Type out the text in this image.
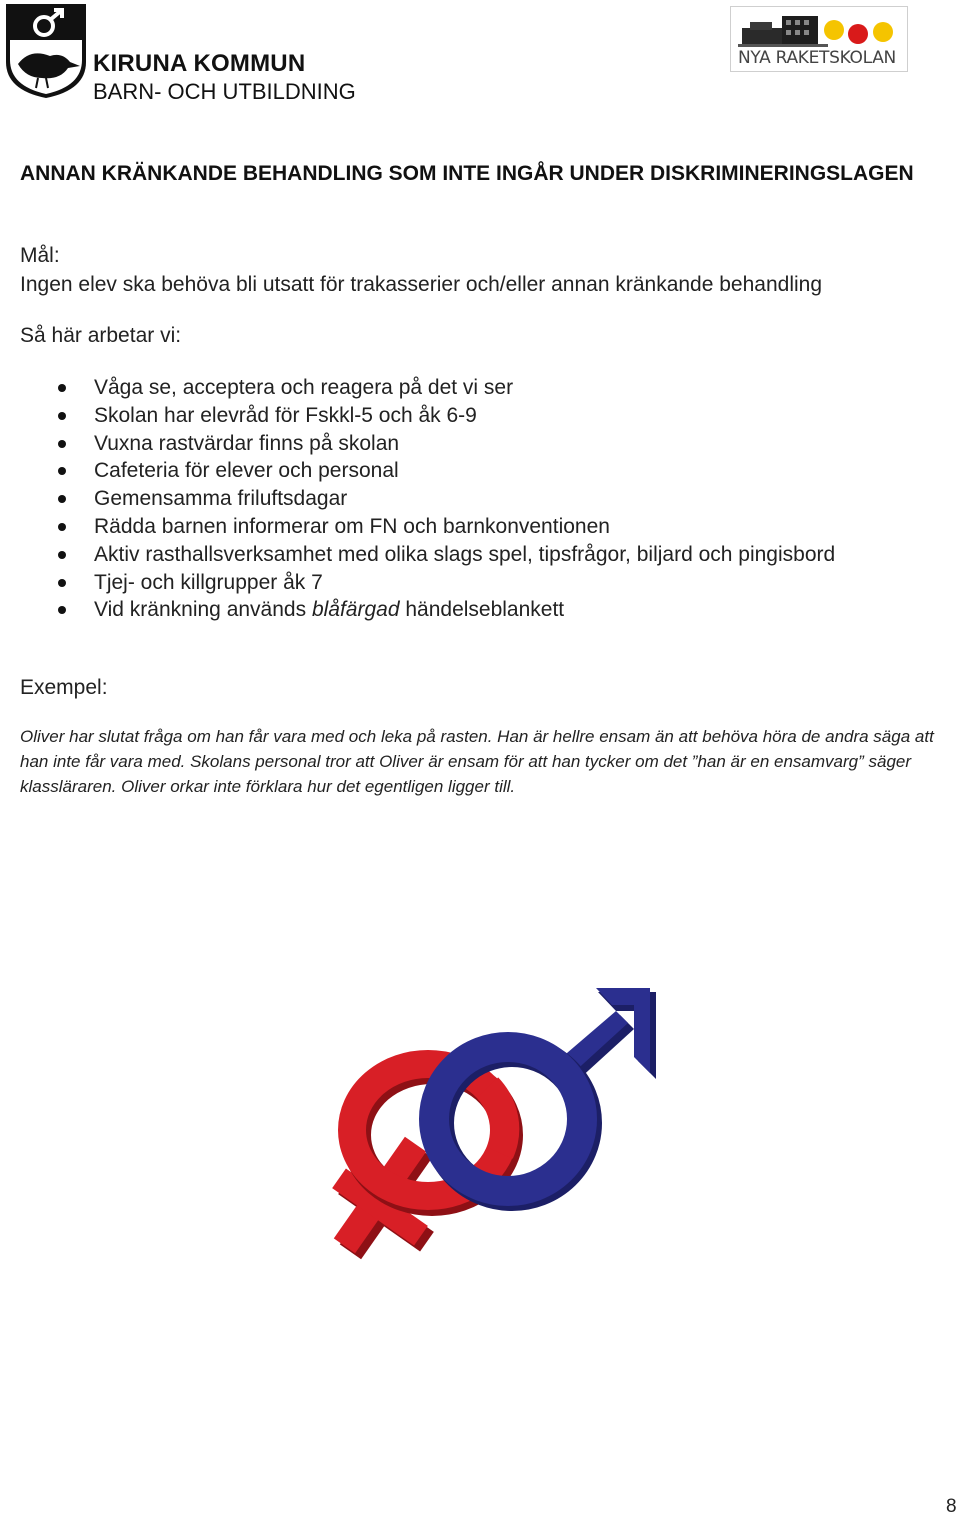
KIRUNA KOMMUN
BARN- OCH UTBILDNING
NYA RAKETSKOLAN
ANNAN KRÄNKANDE BEHANDLING SOM INTE INGÅR UNDER DISKRIMINERINGSLAGEN
Mål:
Ingen elev ska behöva bli utsatt för trakasserier och/eller annan kränkande behandling
Så här arbetar vi:
Våga se, acceptera och reagera på det vi ser
Skolan har elevråd för Fskkl-5 och åk 6-9
Vuxna rastvärdar finns på skolan
Cafeteria för elever och personal
Gemensamma friluftsdagar
Rädda barnen informerar om FN och barnkonventionen
Aktiv rasthallsverksamhet med olika slags spel, tipsfrågor, biljard och pingisbord
Tjej- och killgrupper åk 7
Vid kränkning används blåfärgad händelseblankett
Exempel:
Oliver har slutat fråga om han får vara med och leka på rasten. Han är hellre ensam än att behöva höra de andra säga att han inte får vara med. Skolans personal tror att Oliver är ensam för att han tycker om det ”han är en ensamvarg” säger klassläraren. Oliver orkar inte förklara hur det egentligen ligger till.
8
